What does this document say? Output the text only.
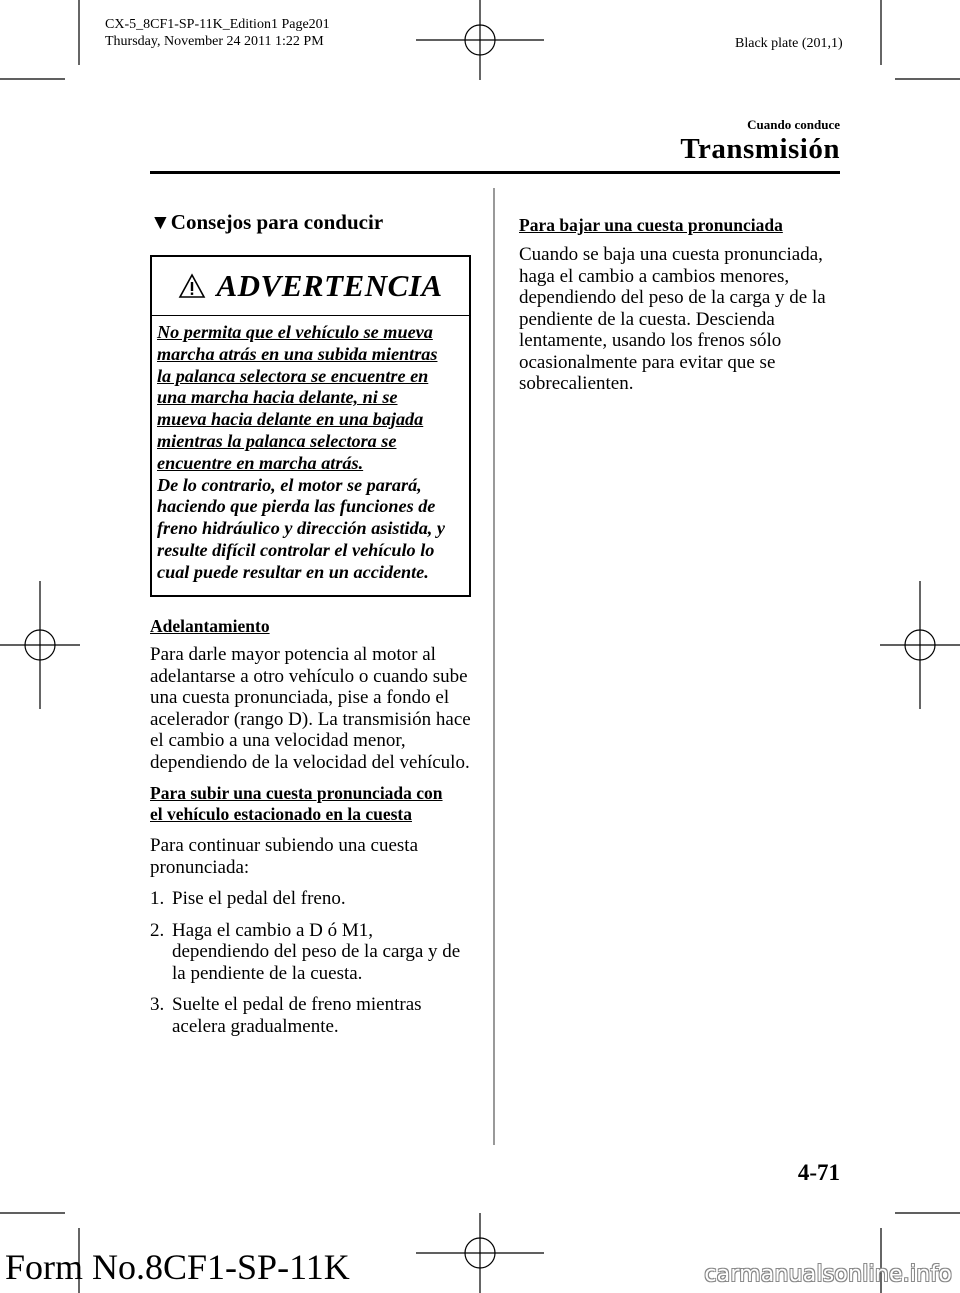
CX-5_8CF1-SP-11K_Edition1 Page201
Thursday, November 24 2011 1:22 PM	Black plate (201,1)
Cuando conduce
Transmisión
▼Consejos para conducir
ADVERTENCIA
No permita que el vehículo se mueva
marcha atrás en una subida mientras
la palanca selectora se encuentre en
una marcha hacia delante, ni se
mueva hacia delante en una bajada
mientras la palanca selectora se
encuentre en marcha atrás.
De lo contrario, el motor se parará,
haciendo que pierda las funciones de
freno hidráulico y dirección asistida, y
resulte difícil controlar el vehículo lo
cual puede resultar en un accidente.
Adelantamiento
Para darle mayor potencia al motor al
adelantarse a otro vehículo o cuando sube
una cuesta pronunciada, pise a fondo el
acelerador (rango D). La transmisión hace
el cambio a una velocidad menor,
dependiendo de la velocidad del vehículo.
Para subir una cuesta pronunciada con
el vehículo estacionado en la cuesta
Para continuar subiendo una cuesta
pronunciada:
1. Pise el pedal del freno.
2. Haga el cambio a D ó M1,
dependiendo del peso de la carga y de
la pendiente de la cuesta.
3. Suelte el pedal de freno mientras
acelera gradualmente.
Para bajar una cuesta pronunciada
Cuando se baja una cuesta pronunciada,
haga el cambio a cambios menores,
dependiendo del peso de la carga y de la
pendiente de la cuesta. Descienda
lentamente, usando los frenos sólo
ocasionalmente para evitar que se
sobrecalienten.
4-71
Form No.8CF1-SP-11K	carmanualsonline.info
